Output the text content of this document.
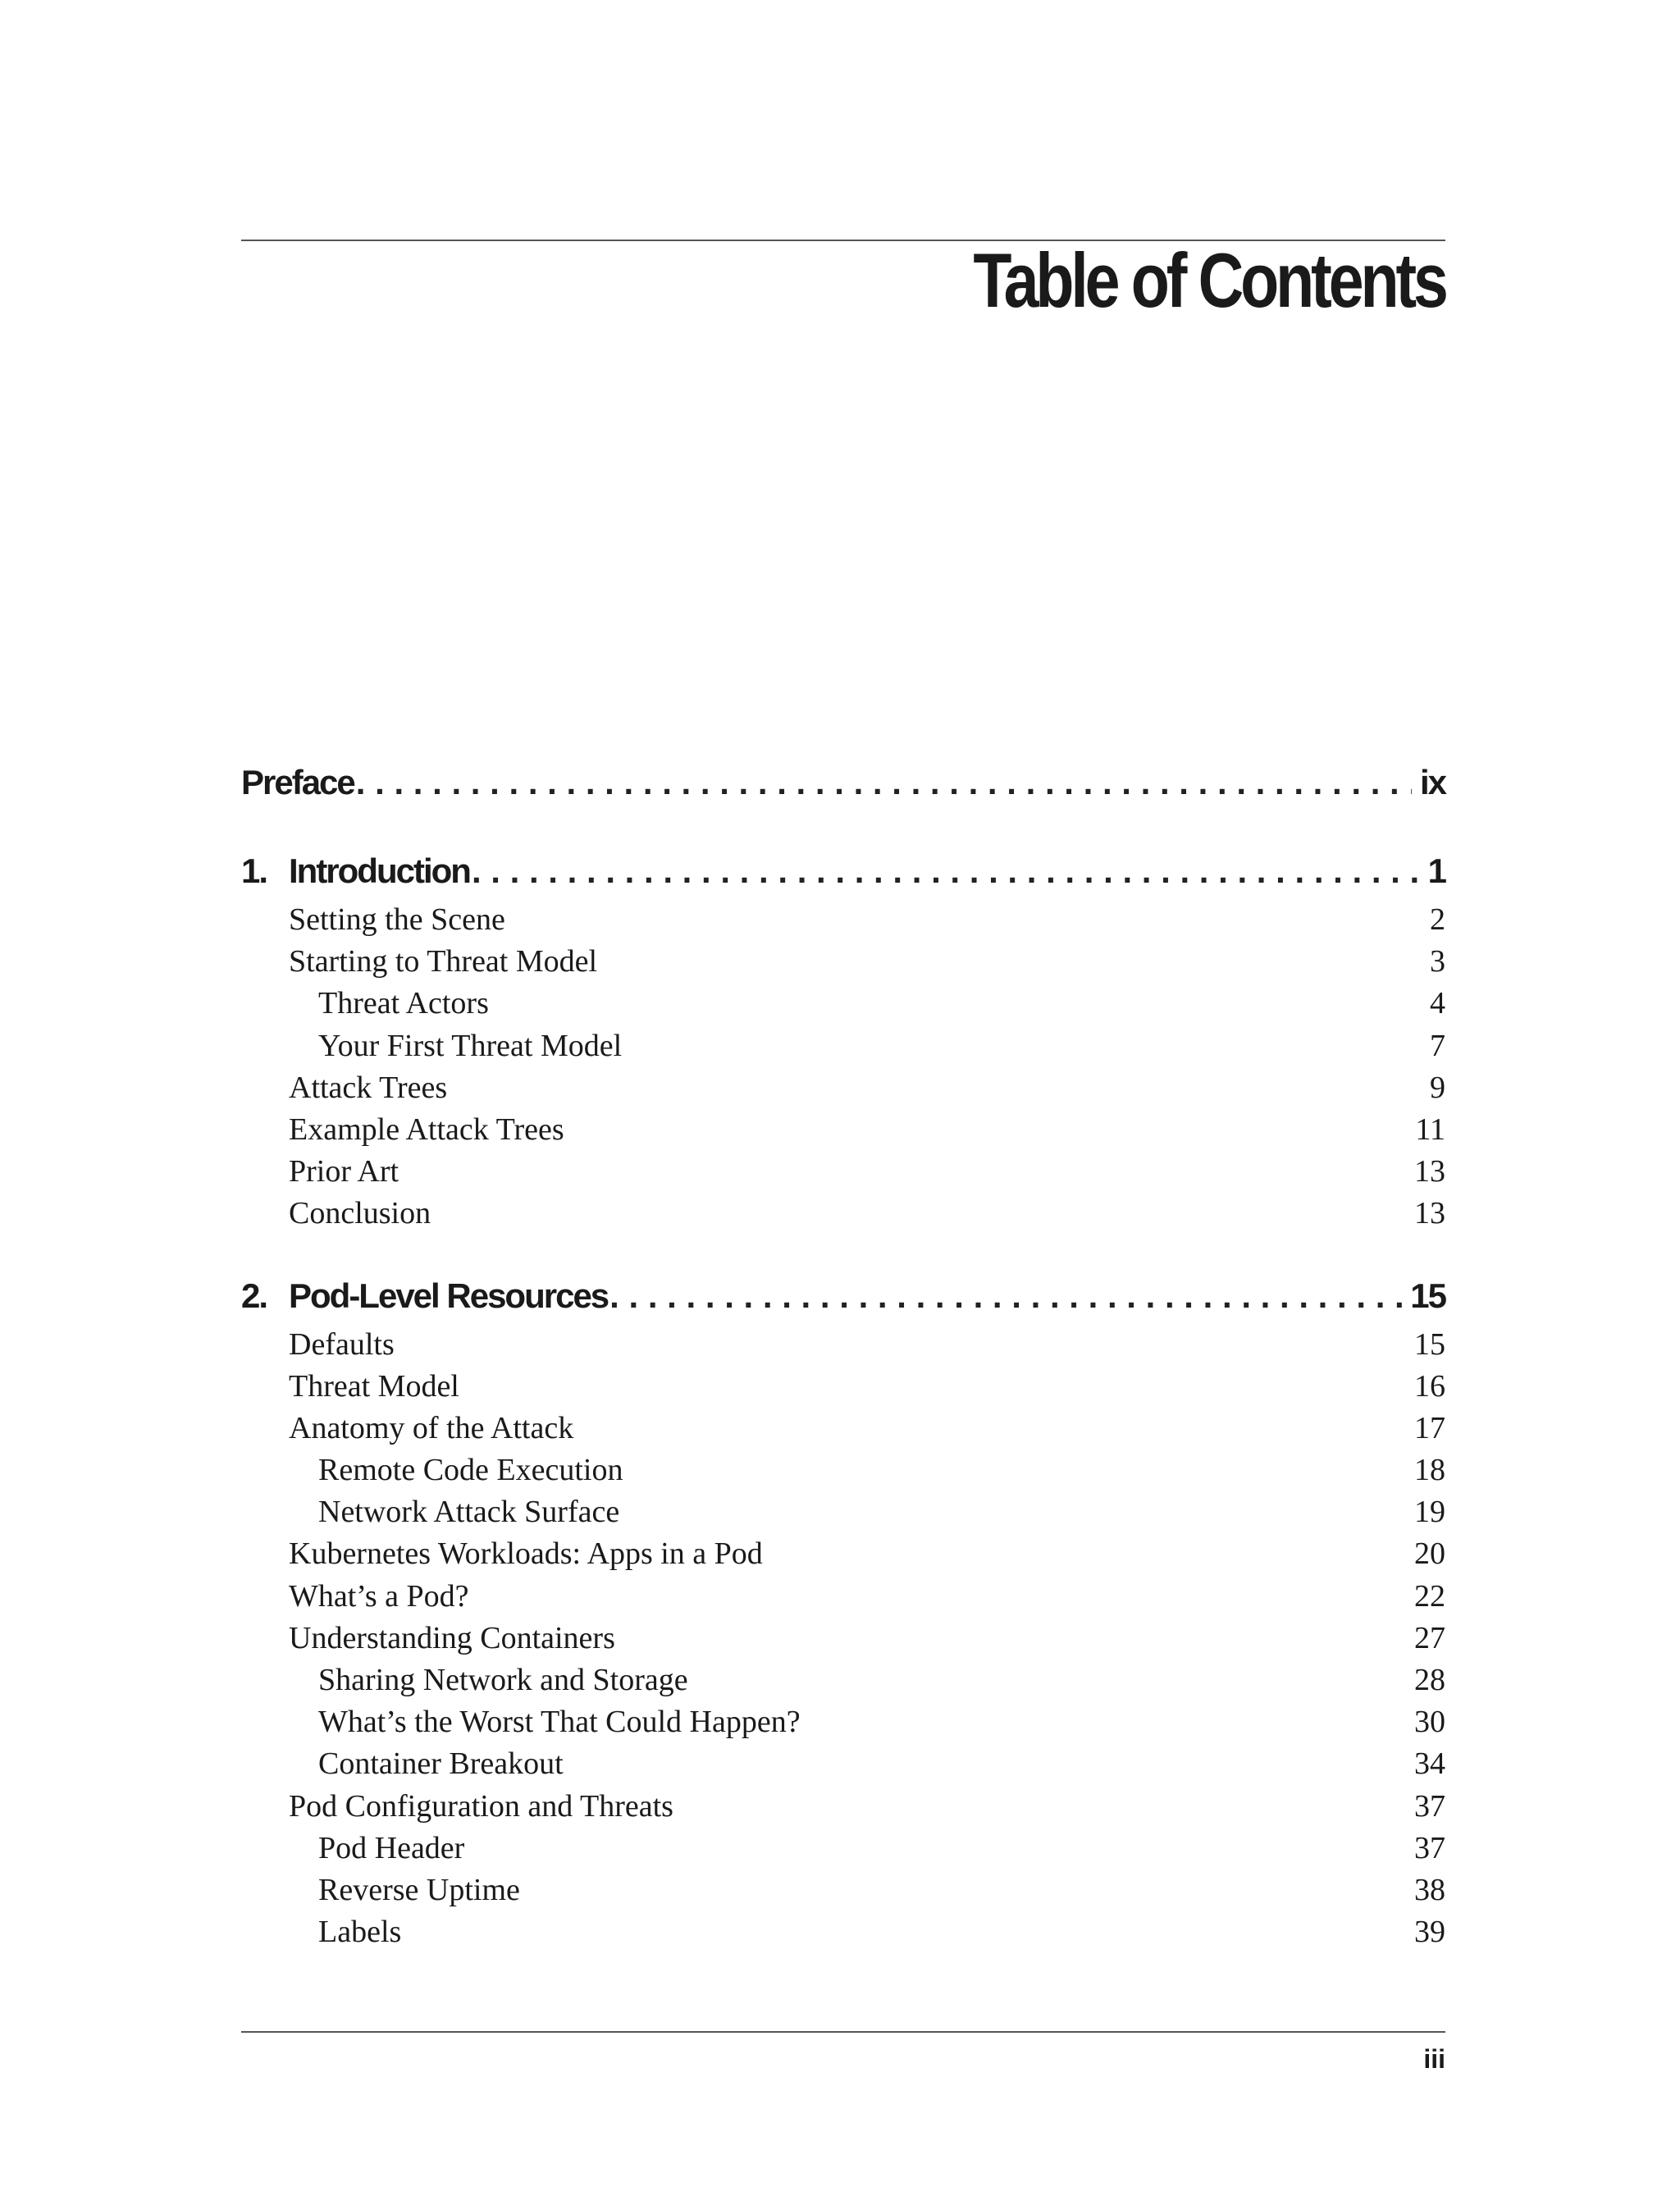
Table of Contents
Preface . . .	ix
1. Introduction . . .	1
Setting the Scene	2
Starting to Threat Model	3
Threat Actors	4
Your First Threat Model	7
Attack Trees	9
Example Attack Trees	11
Prior Art	13
Conclusion	13
2. Pod-Level Resources . . .	15
Defaults	15
Threat Model	16
Anatomy of the Attack	17
Remote Code Execution	18
Network Attack Surface	19
Kubernetes Workloads: Apps in a Pod	20
What’s a Pod?	22
Understanding Containers	27
Sharing Network and Storage	28
What’s the Worst That Could Happen?	30
Container Breakout	34
Pod Configuration and Threats	37
Pod Header	37
Reverse Uptime	38
Labels	39
iii
